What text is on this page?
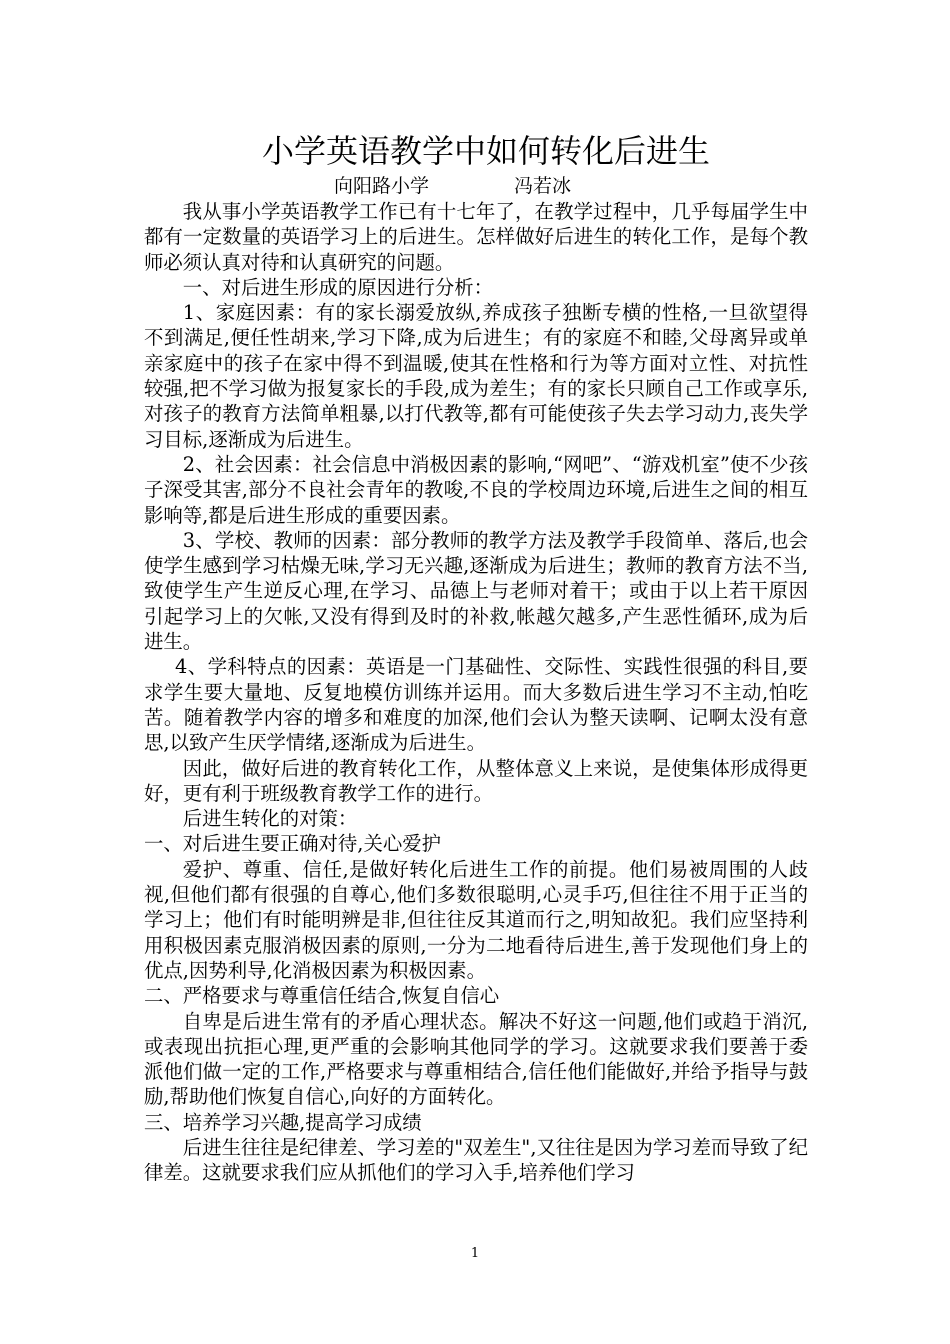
小学英语教学中如何转化后进生
向阳路小学	冯若冰

我从事小学英语教学工作已有十七年了，在教学过程中，几乎每届学生中都有一定数量的英语学习上的后进生。怎样做好后进生的转化工作，是每个教师必须认真对待和认真研究的问题。

一、对后进生形成的原因进行分析：

1、家庭因素：有的家长溺爱放纵,养成孩子独断专横的性格,一旦欲望得不到满足,便任性胡来,学习下降,成为后进生；有的家庭不和睦,父母离异或单亲家庭中的孩子在家中得不到温暖,使其在性格和行为等方面对立性、对抗性较强,把不学习做为报复家长的手段,成为差生；有的家长只顾自己工作或享乐,对孩子的教育方法简单粗暴,以打代教等,都有可能使孩子失去学习动力,丧失学习目标,逐渐成为后进生。

2、社会因素：社会信息中消极因素的影响,“网吧”、“游戏机室”使不少孩子深受其害,部分不良社会青年的教唆,不良的学校周边环境,后进生之间的相互影响等,都是后进生形成的重要因素。

3、学校、教师的因素：部分教师的教学方法及教学手段简单、落后,也会使学生感到学习枯燥无味,学习无兴趣,逐渐成为后进生；教师的教育方法不当,致使学生产生逆反心理,在学习、品德上与老师对着干；或由于以上若干原因引起学习上的欠帐,又没有得到及时的补救,帐越欠越多,产生恶性循环,成为后进生。

4、学科特点的因素：英语是一门基础性、交际性、实践性很强的科目,要求学生要大量地、反复地模仿训练并运用。而大多数后进生学习不主动,怕吃苦。随着教学内容的增多和难度的加深,他们会认为整天读啊、记啊太没有意思,以致产生厌学情绪,逐渐成为后进生。

因此，做好后进的教育转化工作，从整体意义上来说，是使集体形成得更好，更有利于班级教育教学工作的进行。

后进生转化的对策：

一、对后进生要正确对待,关心爱护

爱护、尊重、信任,是做好转化后进生工作的前提。他们易被周围的人歧视,但他们都有很强的自尊心,他们多数很聪明,心灵手巧,但往往不用于正当的学习上；他们有时能明辨是非,但往往反其道而行之,明知故犯。我们应坚持利用积极因素克服消极因素的原则,一分为二地看待后进生,善于发现他们身上的优点,因势利导,化消极因素为积极因素。

二、严格要求与尊重信任结合,恢复自信心

自卑是后进生常有的矛盾心理状态。解决不好这一问题,他们或趋于消沉,或表现出抗拒心理,更严重的会影响其他同学的学习。这就要求我们要善于委派他们做一定的工作,严格要求与尊重相结合,信任他们能做好,并给予指导与鼓励,帮助他们恢复自信心,向好的方面转化。

三、培养学习兴趣,提高学习成绩

后进生往往是纪律差、学习差的"双差生",又往往是因为学习差而导致了纪律差。这就要求我们应从抓他们的学习入手,培养他们学习

1
